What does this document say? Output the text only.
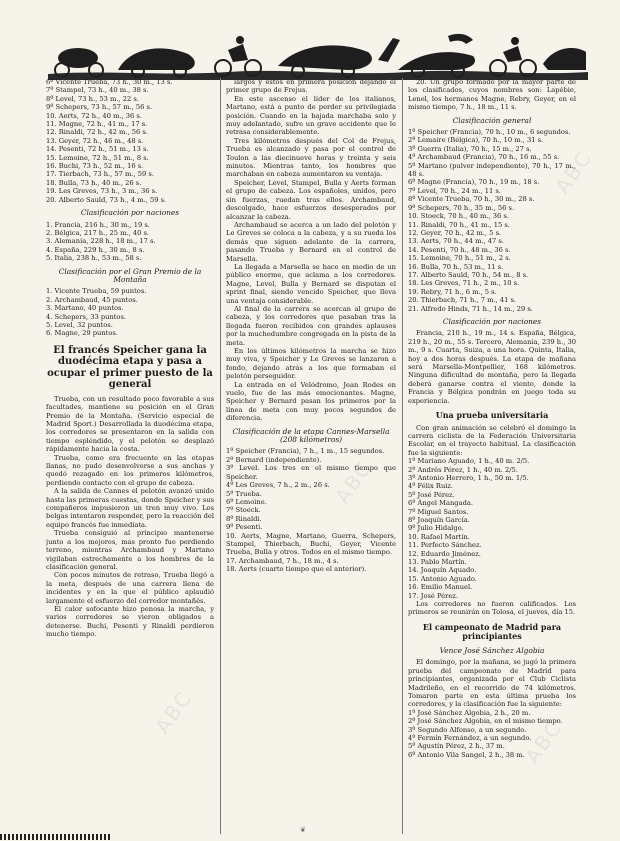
6º Vicente Trueba, 73 h., 30 m., 13 s.
7º Stampel, 73 h., 40 m., 38 s.
8º Level, 73 h., 53 m., 22 s.
9º Schepers, 73 h., 57 m., 56 s.
10. Aerts, 72 h., 40 m., 36 s.
11. Magne, 72 h., 41 m., 17 s.
12. Rinaldi, 72 h., 42 m., 56 s.
13. Geyer, 72 h., 46 m., 48 s.
14. Pesenti, 72 h., 51 m., 13 s.
15. Lemoine, 72 h., 51 m., 8 s.
16. Buchi, 73 h., 52 m., 16 s.
17. Tierbach, 73 h., 57 m., 59 s.
18. Bulla, 73 h., 40 m., 26 s.
19. Les Greves, 73 h., 3 m., 36 s.
20. Alberto Sauld, 73 h., 4 m., 59 s.
Clasificación por naciones
1. Francia, 216 h., 30 m., 19 s.
2. Bélgica, 217 h., 25 m., 40 s.
3. Alemania, 228 h., 18 m., 17 s.
4. España, 229 h., 30 m., 8 s.
5. Italia, 238 h., 53 m., 58 s.
Clasificación por el Gran Premio de la Montaña
1. Vicente Trueba, 59 puntos.
2. Archambaud, 45 puntos.
3. Martano, 40 puntos.
4. Schepers, 33 puntos.
5. Level, 32 puntos.
6. Magne, 29 puntos.
El francés Speicher gana la duodécima etapa y pasa a ocupar el primer puesto de la general

Trueba, con un resultado poco favorable a sus facultades, mantiene su posición en el Gran Premio de la Montaña. (Servicio especial de Madrid Sport.) Desarrollada la duodécima etapa, los corredores se presentaron en la salida con tiempo espléndido, y el pelotón se desplazó rápidamente hacia la costa.

Trueba, como era frecuente en las etapas llanas, no pudo desenvolverse a sus anchas y quedó rezagado en los primeros kilómetros, perdiendo contacto con el grupo de cabeza.

A la salida de Cannes el pelotón avanzó unido hasta las primeras cuestas, donde Speicher y sus compañeros impusieron un tren muy vivo. Los belgas intentaron responder, pero la reacción del equipo francés fue inmediata.

Trueba consiguió al principio mantenerse junto a los mejores, mas pronto fue perdiendo terreno, mientras Archambaud y Martano vigilaban estrechamente a los hombres de la clasificación general.

Con pocos minutos de retraso, Trueba llegó a la meta, después de una carrera llena de incidentes y en la que el público aplaudió largamente el esfuerzo del corredor montañés.

El calor sofocante hizo penosa la marcha, y varios corredores se vieron obligados a detenerse. Buchi, Pesenti y Rinaldi perdieron mucho tiempo.

largos y estos en primera posición dejando el primer grupo de Frejus.

En este ascenso el líder de los italianos, Martano, está a punto de perder su privilegiada posición. Cuando en la bajada marchaba solo y muy adelantado, sufre un grave accidente que le retrasa considerablemente.

Tres kilómetros después del Col de Frejus, Trueba es alcanzado y pasa por el control de Toulon a las diecinueve horas y treinta y seis minutos. Mientras tanto, los hombres que marchaban en cabeza aumentaron su ventaja.

Speicher, Level, Stampel, Bulla y Aerts forman el grupo de cabeza. Los españoles, unidos, pero sin fuerzas, ruedan tras ellos. Archambaud, descolgado, hace esfuerzos desesperados por alcanzar la cabeza.

Archambaud se acerca a un lado del pelotón y Le Greves se coloca a la cabeza, y a su rueda los demás que siguen adelante de la carrera, pasando Trueba y Bernard en el control de Marsella.

La llegada a Marsella se hace en medio de un público enorme, que aclama a los corredores. Magne, Level, Bulla y Bernard se disputan el sprint final, siendo vencido Speicher, que lleva una ventaja considerable.

Al final de la carrera se acercan al grupo de cabeza, y los corredores que pasaban tras la llegada fueron recibidos con grandes aplausos por la muchedumbre congregada en la pista de la meta.

En los últimos kilómetros la marcha se hizo muy viva, y Speicher y Le Greves se lanzaron a fondo, dejando atrás a los que formaban el pelotón perseguidor.

La entrada en el Velódromo, Jean Rodes en vuelo, fue de las más emocionantes. Magne, Speicher y Bernard pasan los primeros por la línea de meta con muy pocos segundos de diferencia.

Clasificación de la etapa Cannes-Marsella (208 kilómetros)
1º Speicher (Francia), 7 h., 1 m., 15 segundos.
2º Bernard (independiente).
3º Level. Los tres en el mismo tiempo que Speicher.
4º Les Greves, 7 h., 2 m., 26 s.
5º Trueba.
6º Lemoine.
7º Stoeck.
8º Rinaldi.
9º Pesenti.
10. Aerts, Magne, Martano, Guerra, Schepers, Stampel, Thierbach, Buchi, Geyer, Vicente Trueba, Bulla y otros. Todos en el mismo tiempo.
17. Archambaud, 7 h., 18 m., 4 s.
18. Aerts (cuarto tiempo que el anterior).

20. Un grupo formado por la mayor parte de los clasificados, cuyos nombres son: Lapébie, Lenel, los hermanos Magne, Rebry, Geyer, en el mismo tiempo, 7 h., 18 m., 11 s.

Clasificación general
1º Speicher (Francia), 70 h., 10 m., 6 segundos.
2º Lemaire (Bélgica), 70 h., 10 m., 31 s.
3º Guerra (Italia), 70 h., 15 m., 27 s.
4º Archambaud (Francia), 70 h., 16 m., 55 s.
5º Martano (pulver independiente), 70 h., 17 m., 48 s.
6º Magne (Francia), 70 h., 19 m., 18 s.
7º Level, 70 h., 24 m., 11 s.
8º Vicente Trueba, 70 h., 30 m., 28 s.
9º Schepers, 70 h., 35 m., 56 s.
10. Stoeck, 70 h., 40 m., 36 s.
11. Rinaldi, 70 h., 41 m., 15 s.
12. Geyer, 70 h., 42 m., 5 s.
13. Aerts, 70 h., 44 m., 47 s.
14. Pesenti, 70 h., 48 m., 36 s.
15. Lemoine, 70 h., 51 m., 2 s.
16. Bulla, 70 h., 53 m., 11 s.
17. Alberto Sauld, 70 h., 54 m., 8 s.
18. Les Greves, 71 h., 2 m., 10 s.
19. Rebry, 71 h., 6 m., 5 s.
20. Thierbach, 71 h., 7 m., 41 s.
21. Alfredo Hinds, 71 h., 14 m., 29 s.
Clasificación por naciones

Francia, 210 h., 19 m., 14 s. España, Bélgica, 219 h., 20 m., 55 s. Tercero, Alemania, 239 h., 30 m., 9 s. Cuarta, Suiza, a una hora. Quinta, Italia, hoy a dos horas después. La etapa de mañana será Marsella-Montpellier, 168 kilómetros. Ninguna dificultad de montaña, pero la llegada deberá ganarse contra el viento, donde la Francia y Bélgica pondrán en juego toda su experiencia.

Una prueba universitaria

Con gran animación se celebró el domingo la carrera ciclista de la Federación Universitaria Escolar, en el trayecto habitual. La clasificación fue la siguiente:

1º Mariano Aguado, 1 h., 40 m. 2/5.
2º Andrés Pérez, 1 h., 40 m. 2/5.
3º Antonio Herrero, 1 h., 50 m. 1/5.
4º Félix Ruiz.
5º José Pérez.
6º Ángel Mangada.
7º Miguel Santos.
8º Joaquín García.
9º Julio Hidalgo.
10. Rafael Martín.
11. Perfecto Sánchez.
12. Eduardo Jiménez.
13. Pablo Martín.
14. Joaquín Aquado.
15. Antonio Aguado.
16. Emilio Manuel.
17. José Pérez.

Los corredores no fueron calificados. Los primeros se reunirán en Tolosa, el jueves, día 15.

El campeonato de Madrid para principiantes
Vence José Sánchez Algobia

El domingo, por la mañana, se jugó la primera prueba del campeonato de Madrid para principiantes, organizada por el Club Ciclista Madrileño, en el recorrido de 74 kilómetros. Tomaron parte en esta última prueba los corredores, y la clasificación fue la siguiente:

1º José Sánchez Algobia, 2 h., 20 m.
2º José Sánchez Algobia, en el mismo tiempo.
3º Segundo Alfonso, a un segundo.
4º Fermín Fernández, a un segundo.
5º Agustín Pérez, 2 h., 37 m.
6º Antonio Vila Sangel, 2 h., 38 m.
ABC
ABC
ABC
ABC
❦
